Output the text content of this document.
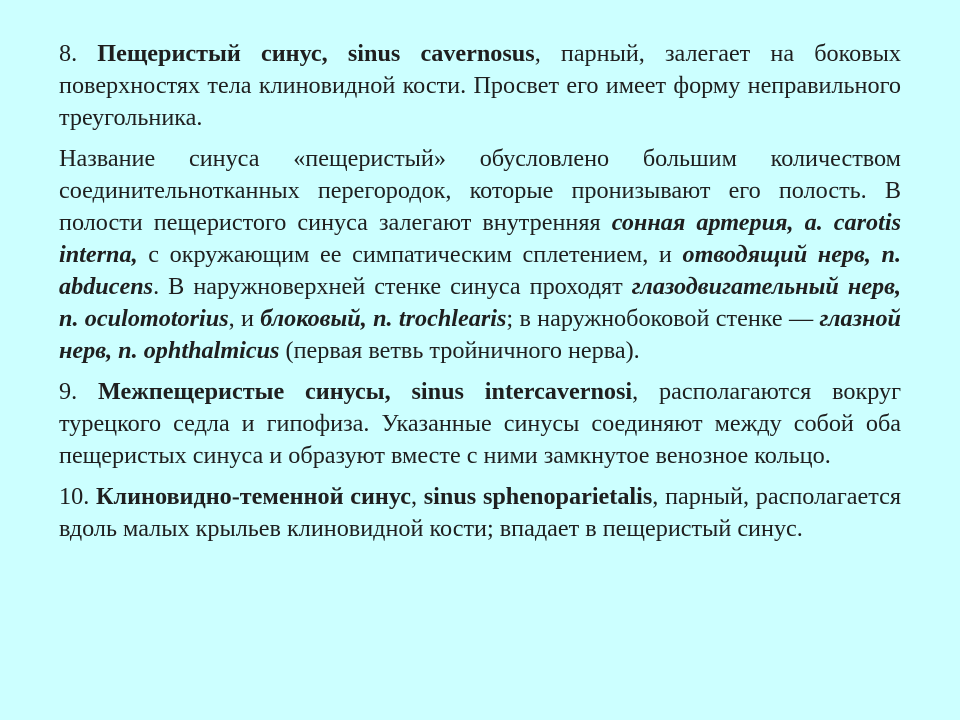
8. Пещеристый синус, sinus cavernosus, парный, залегает на боковых поверхностях тела клиновидной кости. Просвет его имеет форму неправильного треугольника.

Название синуса «пещеристый» обусловлено большим количеством соединительнотканных перегородок, которые пронизывают его полость. В полости пещеристого синуса залегают внутренняя сонная артерия, a. carotis interna, с окружающим ее симпатическим сплетением, и отводящий нерв, n. abducens. В наружноверхней стенке синуса проходят глазодвигательный нерв, n. oculomotorius, и блоковый, n. trochlearis; в наружнобоковой стенке — глазной нерв, n. ophthalmicus (первая ветвь тройничного нерва).

9. Межпещеристые синусы, sinus intercavernosi, располагаются вокруг турецкого седла и гипофиза. Указанные синусы соединяют между собой оба пещеристых синуса и образуют вместе с ними замкнутое венозное кольцо.

10. Клиновидно-теменной синус, sinus sphenoparietalis, парный, располагается вдоль малых крыльев клиновидной кости; впадает в пещеристый синус.
